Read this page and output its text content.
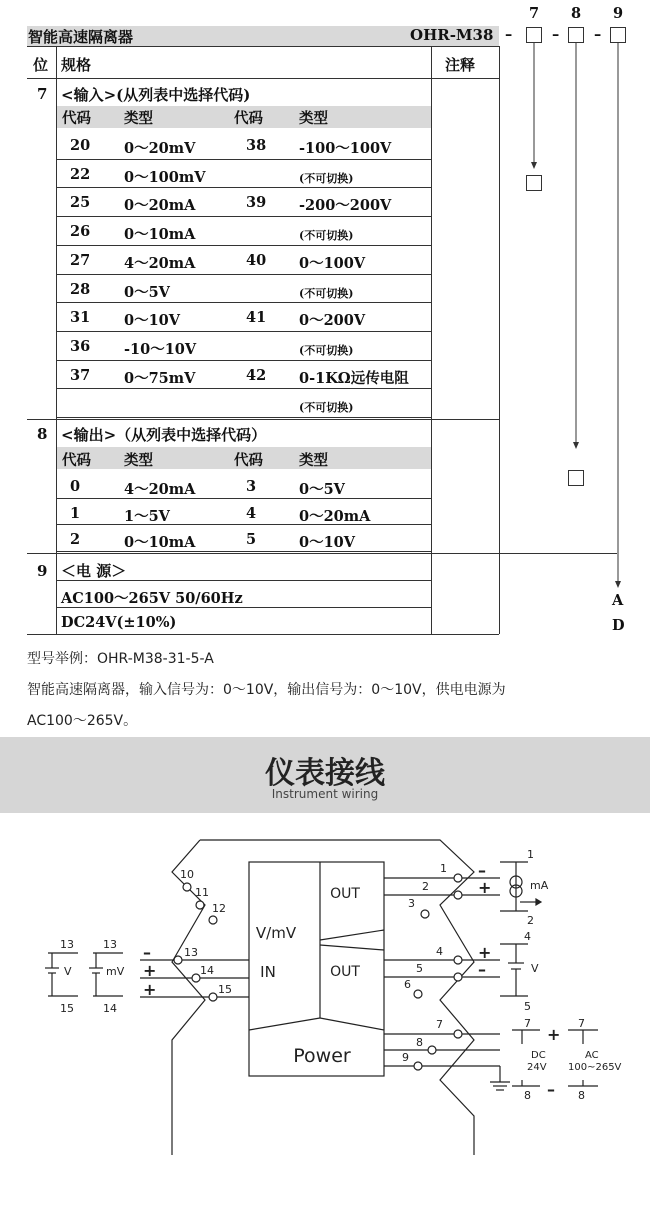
智能高速隔离器	OHR-M38 –	– –
7 8 9
位 规格	注释
7 <输入>(从列表中选择代码)
代码 类型	代码 类型
20 0～20mV	38 -100～100V
22 0～100mV	(不可切换)
25 0～20mA	39 -200～200V
26 0～10mA	(不可切换)
27 4～20mA	40 0～100V
28 0～5V	(不可切换)
31 0～10V	41 0～200V
36 -10～10V	(不可切换)
37 0～75mV	42 0-1KΩ远传电阻
(不可切换)
8 <输出>（从列表中选择代码）
代码 类型	代码 类型
0	4～20mA	3	0～5V
1	1～5V	4	0～20mA
2	0～10mA	5	0～10V
9 ＜电 源＞
AC100～265V 50/60Hz
DC24V(±10%)
A
D
型号举例：OHR-M38-31-5-A
智能高速隔离器，输入信号为：0～10V，输出信号为：0～10V，供电电源为
AC100～265V。
仪表接线
Instrument wiring
OUT
OUT
V/mV
IN
Power
1
2
3
4
5
6
7
8
9
10
11
12
13
14
15
–
+
+
–
–
+
+
+
–
1
2
mA
4
5
V
7
8
DC
24V
7
8
AC
100~265V
13
15
V
13
14
mV
